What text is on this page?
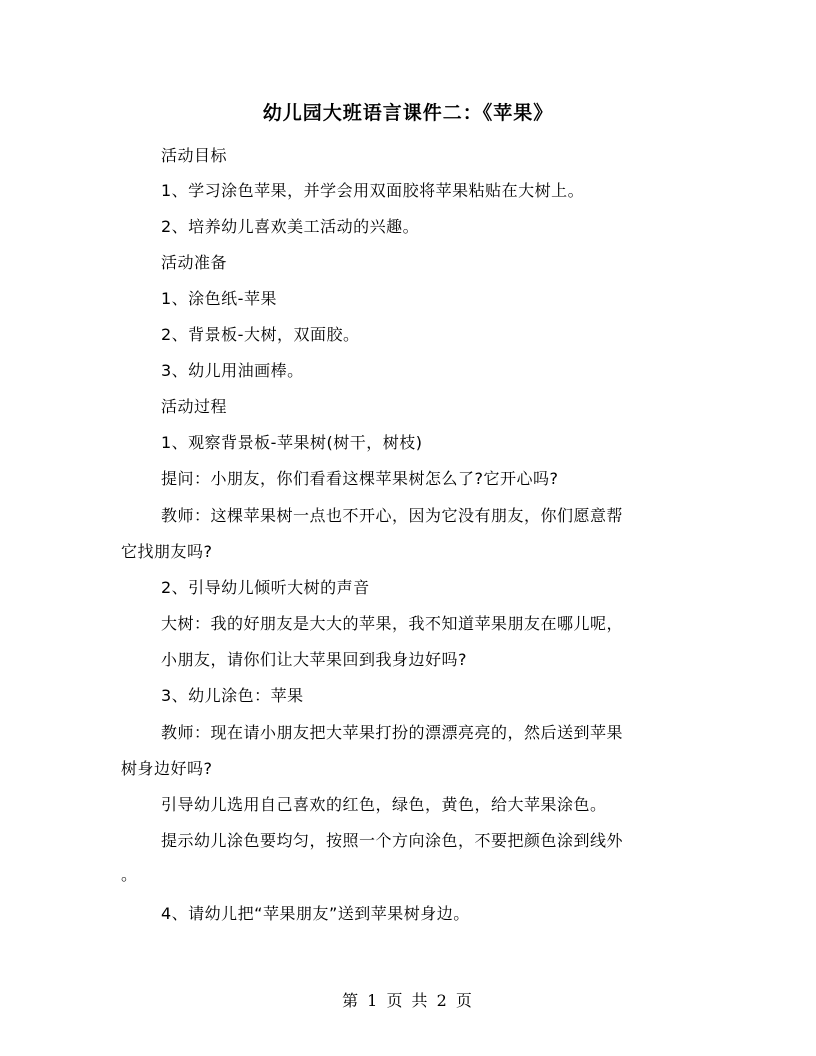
幼儿园大班语言课件二：《苹果》
活动目标
1、学习涂色苹果，并学会用双面胶将苹果粘贴在大树上。
2、培养幼儿喜欢美工活动的兴趣。
活动准备
1、涂色纸-苹果
2、背景板-大树，双面胶。
3、幼儿用油画棒。
活动过程
1、观察背景板-苹果树(树干，树枝)
提问：小朋友，你们看看这棵苹果树怎么了?它开心吗?
教师：这棵苹果树一点也不开心，因为它没有朋友，你们愿意帮
它找朋友吗?
2、引导幼儿倾听大树的声音
大树：我的好朋友是大大的苹果，我不知道苹果朋友在哪儿呢，
小朋友，请你们让大苹果回到我身边好吗?
3、幼儿涂色：苹果
教师：现在请小朋友把大苹果打扮的漂漂亮亮的，然后送到苹果
树身边好吗?
引导幼儿选用自己喜欢的红色，绿色，黄色，给大苹果涂色。
提示幼儿涂色要均匀，按照一个方向涂色，不要把颜色涂到线外
。
4、请幼儿把“苹果朋友”送到苹果树身边。
第 1 页 共 2 页
